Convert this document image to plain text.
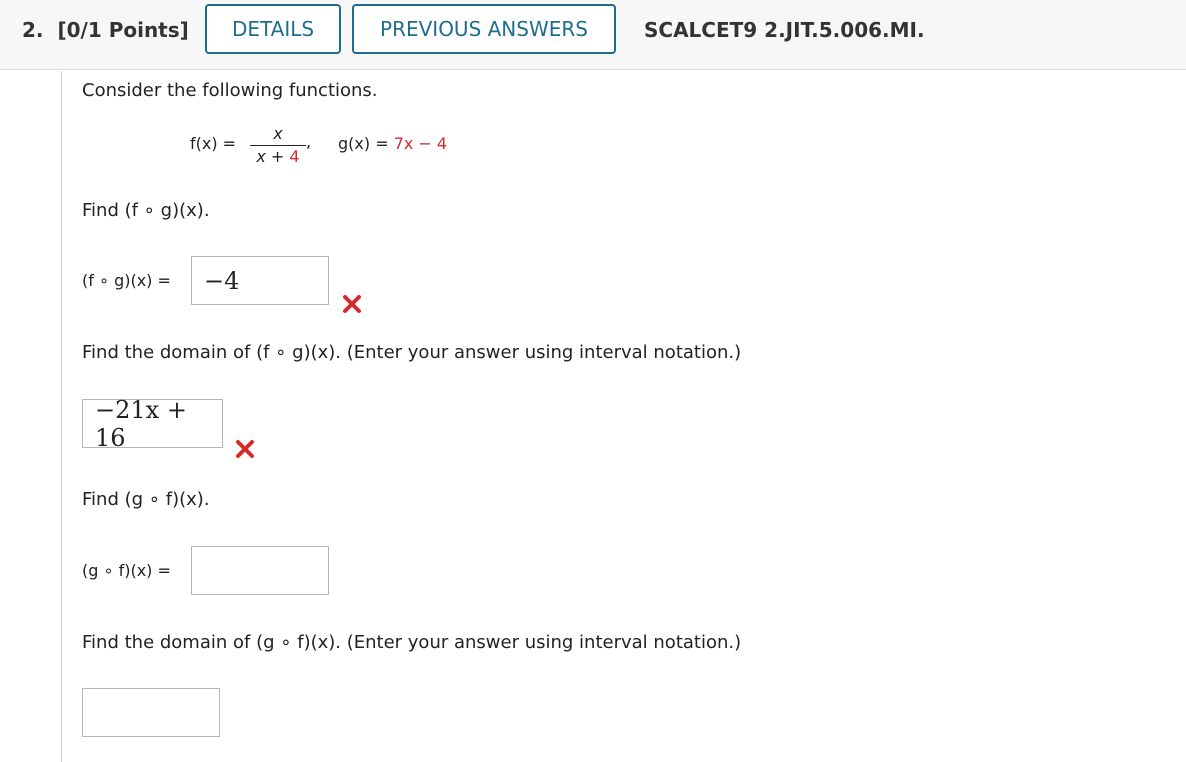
2. [0/1 Points]	DETAILS	PREVIOUS ANSWERS	SCALCET9 2.JIT.5.006.MI.
Consider the following functions.
f(x) =
x
x + 4
, g(x) = 7x − 4
Find (f ∘ g)(x).
(f ∘ g)(x) =	−4
Find the domain of (f ∘ g)(x). (Enter your answer using interval notation.)
−21x + 16
Find (g ∘ f)(x).
(g ∘ f)(x) =
Find the domain of (g ∘ f)(x). (Enter your answer using interval notation.)
